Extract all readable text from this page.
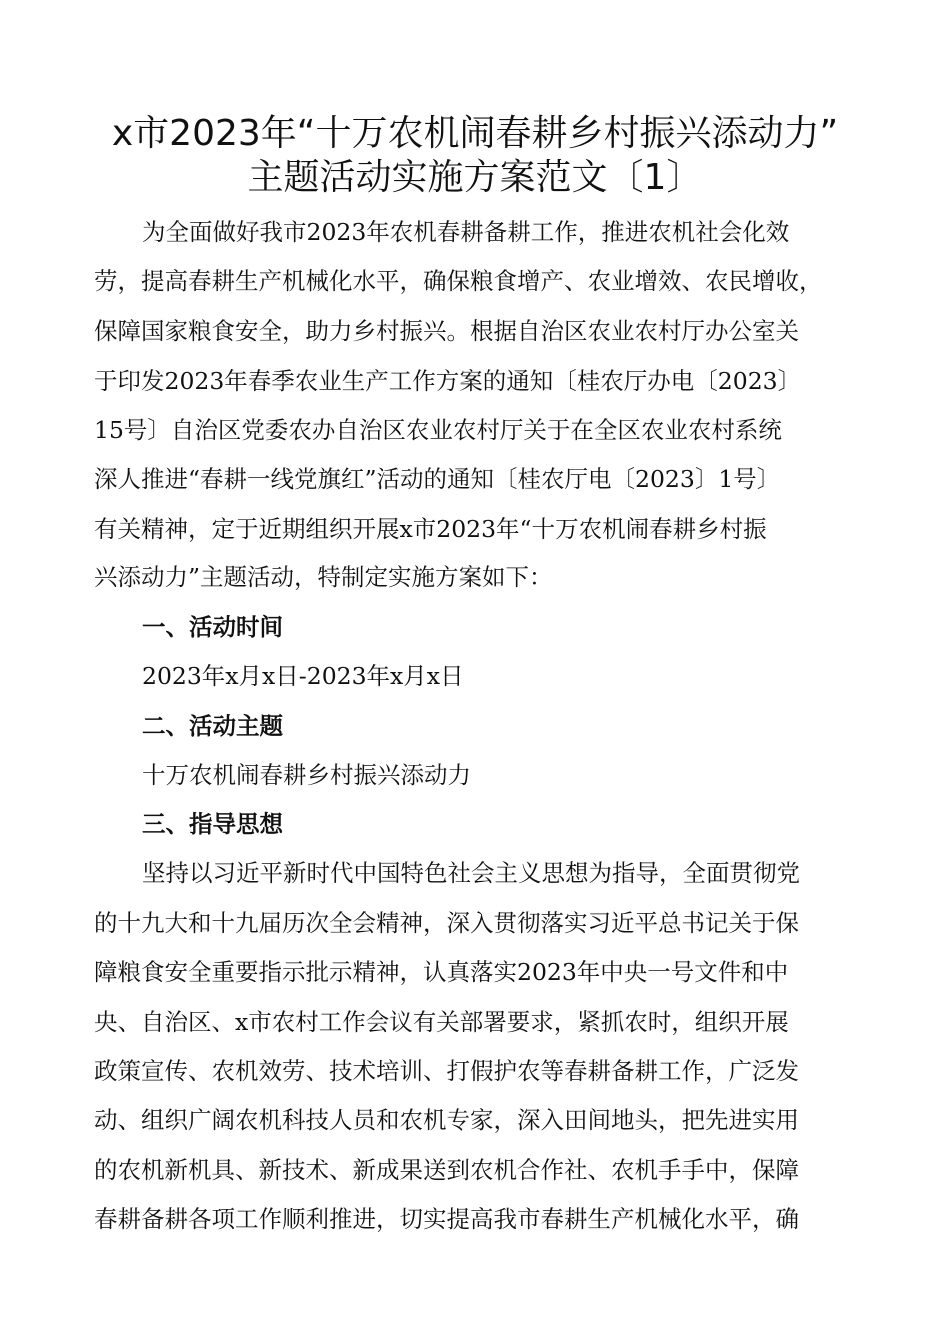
x市2023年“十万农机闹春耕乡村振兴添动力”
主题活动实施方案范文〔1〕
为全面做好我市2023年农机春耕备耕工作，推进农机社会化效
劳，提高春耕生产机械化水平，确保粮食增产、农业增效、农民增收，
保障国家粮食安全，助力乡村振兴。根据自治区农业农村厅办公室关
于印发2023年春季农业生产工作方案的通知〔桂农厅办电〔2023〕
15号〕自治区党委农办自治区农业农村厅关于在全区农业农村系统
深人推进“春耕一线党旗红”活动的通知〔桂农厅电〔2023〕1号〕
有关精神，定于近期组织开展x市2023年“十万农机闹春耕乡村振
兴添动力”主题活动，特制定实施方案如下：
一、活动时间
2023年x月x日-2023年x月x日
二、活动主题
十万农机闹春耕乡村振兴添动力
三、指导思想
坚持以习近平新时代中国特色社会主义思想为指导，全面贯彻党
的十九大和十九届历次全会精神，深入贯彻落实习近平总书记关于保
障粮食安全重要指示批示精神，认真落实2023年中央一号文件和中
央、自治区、x市农村工作会议有关部署要求，紧抓农时，组织开展
政策宣传、农机效劳、技术培训、打假护农等春耕备耕工作，广泛发
动、组织广阔农机科技人员和农机专家，深入田间地头，把先进实用
的农机新机具、新技术、新成果送到农机合作社、农机手手中，保障
春耕备耕各项工作顺利推进，切实提高我市春耕生产机械化水平，确
